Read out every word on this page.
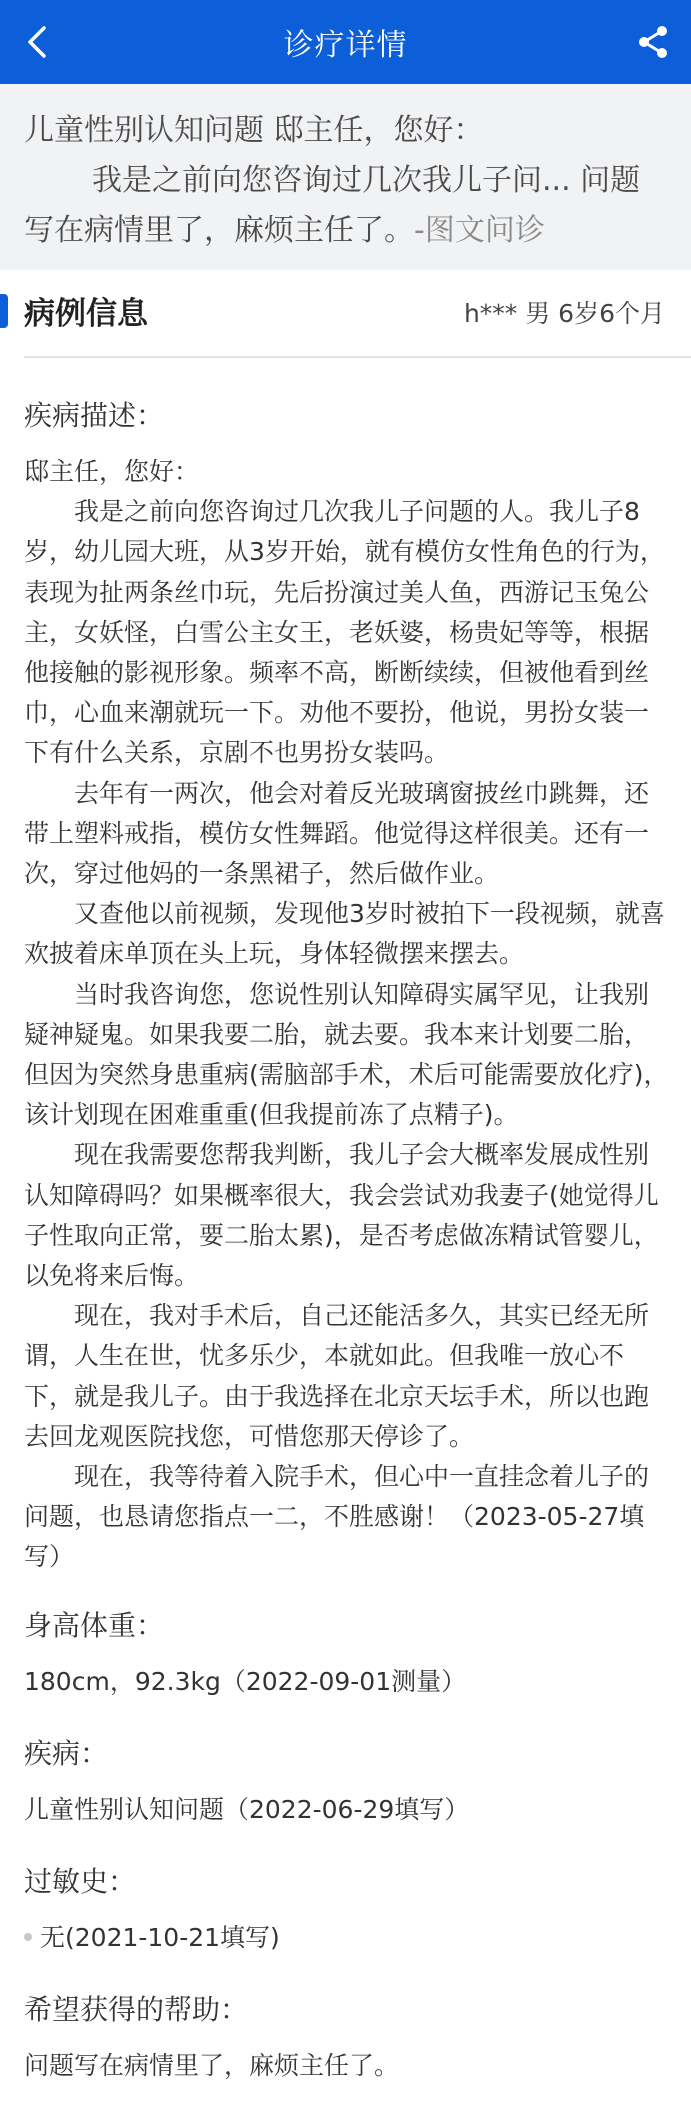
诊疗详情
儿童性别认知问题 邸主任，您好：
我是之前向您咨询过几次我儿子问... 问题写在病情里了，麻烦主任了。-图文问诊
病例信息	h*** 男 6岁6个月
疾病描述：

邸主任，您好：

我是之前向您咨询过几次我儿子问题的人。我儿子8岁，幼儿园大班，从3岁开始，就有模仿女性角色的行为，表现为扯两条丝巾玩，先后扮演过美人鱼，西游记玉兔公主，女妖怪，白雪公主女王，老妖婆，杨贵妃等等，根据他接触的影视形象。频率不高，断断续续，但被他看到丝巾，心血来潮就玩一下。劝他不要扮，他说，男扮女装一下有什么关系，京剧不也男扮女装吗。

去年有一两次，他会对着反光玻璃窗披丝巾跳舞，还带上塑料戒指，模仿女性舞蹈。他觉得这样很美。还有一次，穿过他妈的一条黑裙子，然后做作业。

又查他以前视频，发现他3岁时被拍下一段视频，就喜欢披着床单顶在头上玩，身体轻微摆来摆去。

当时我咨询您，您说性别认知障碍实属罕见，让我别疑神疑鬼。如果我要二胎，就去要。我本来计划要二胎，但因为突然身患重病(需脑部手术，术后可能需要放化疗)，该计划现在困难重重(但我提前冻了点精子)。

现在我需要您帮我判断，我儿子会大概率发展成性别认知障碍吗？如果概率很大，我会尝试劝我妻子(她觉得儿子性取向正常，要二胎太累)，是否考虑做冻精试管婴儿，以免将来后悔。

现在，我对手术后，自己还能活多久，其实已经无所谓，人生在世，忧多乐少，本就如此。但我唯一放心不下，就是我儿子。由于我选择在北京天坛手术，所以也跑去回龙观医院找您，可惜您那天停诊了。

现在，我等待着入院手术，但心中一直挂念着儿子的问题，也恳请您指点一二，不胜感谢！（2023-05-27填写）

身高体重：
180cm，92.3kg（2022-09-01测量）
疾病：
儿童性别认知问题（2022-06-29填写）
过敏史：
无(2021-10-21填写)
希望获得的帮助：
问题写在病情里了，麻烦主任了。
